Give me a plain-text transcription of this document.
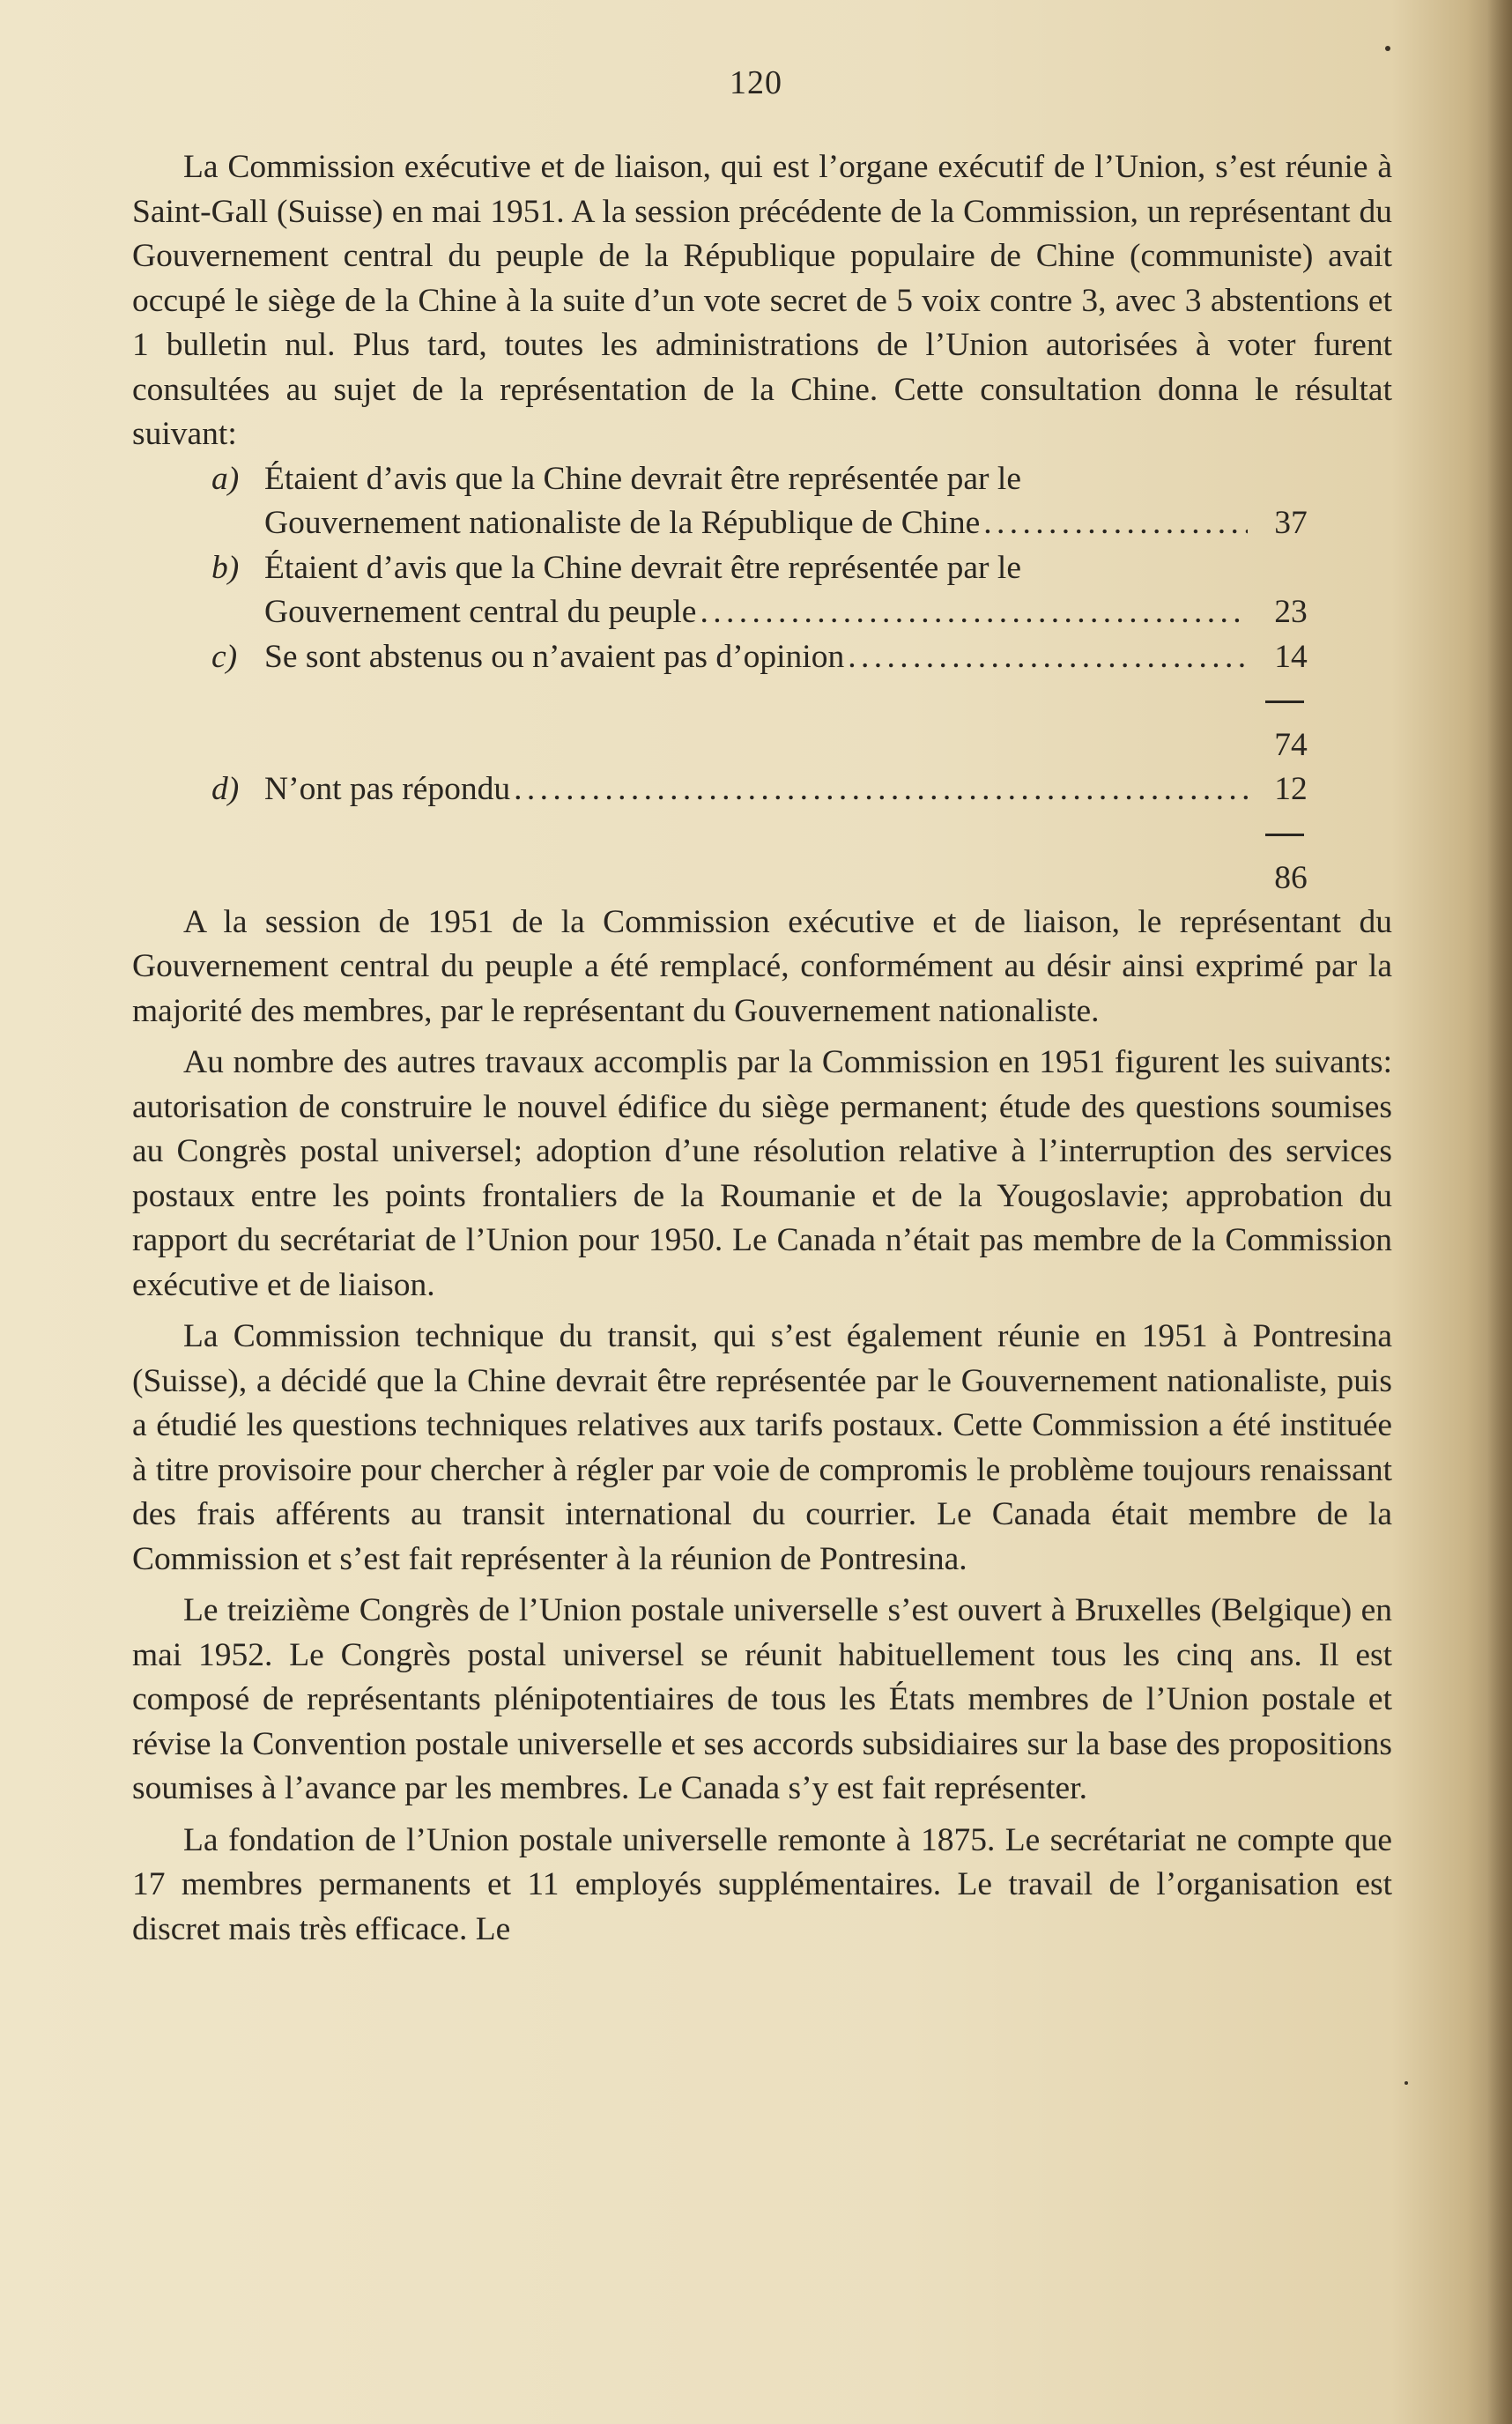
120

La Commission exécutive et de liaison, qui est l’organe exécutif de l’Union, s’est réunie à Saint-Gall (Suisse) en mai 1951. A la session précédente de la Commission, un représentant du Gouvernement central du peuple de la République populaire de Chine (communiste) avait occupé le siège de la Chine à la suite d’un vote secret de 5 voix contre 3, avec 3 abstentions et 1 bulletin nul. Plus tard, toutes les administrations de l’Union autorisées à voter furent consultées au sujet de la représentation de la Chine. Cette consultation donna le résultat suivant:

a) Étaient d’avis que la Chine devrait être représentée par le
Gouvernement nationaliste de la République de Chine . . .	37
b) Étaient d’avis que la Chine devrait être représentée par le
Gouvernement central du peuple . . .	23
c) Se sont abstenus ou n’avaient pas d’opinion . . .	14
74
d) N’ont pas répondu . . .	12
86

A la session de 1951 de la Commission exécutive et de liaison, le représentant du Gouvernement central du peuple a été remplacé, conformément au désir ainsi exprimé par la majorité des membres, par le représentant du Gouvernement nationaliste.

Au nombre des autres travaux accomplis par la Commission en 1951 figurent les suivants: autorisation de construire le nouvel édifice du siège permanent; étude des questions soumises au Congrès postal universel; adoption d’une résolution relative à l’interruption des services postaux entre les points frontaliers de la Roumanie et de la Yougoslavie; approbation du rapport du secrétariat de l’Union pour 1950. Le Canada n’était pas membre de la Commission exécutive et de liaison.

La Commission technique du transit, qui s’est également réunie en 1951 à Pontresina (Suisse), a décidé que la Chine devrait être représentée par le Gouvernement nationaliste, puis a étudié les questions techniques relatives aux tarifs postaux. Cette Commission a été instituée à titre provisoire pour chercher à régler par voie de compromis le problème toujours renaissant des frais afférents au transit international du courrier. Le Canada était membre de la Commission et s’est fait représenter à la réunion de Pontresina.

Le treizième Congrès de l’Union postale universelle s’est ouvert à Bruxelles (Belgique) en mai 1952. Le Congrès postal universel se réunit habituellement tous les cinq ans. Il est composé de représentants plénipotentiaires de tous les États membres de l’Union postale et révise la Convention postale universelle et ses accords subsidiaires sur la base des propositions soumises à l’avance par les membres. Le Canada s’y est fait représenter.

La fondation de l’Union postale universelle remonte à 1875. Le secrétariat ne compte que 17 membres permanents et 11 employés supplémentaires. Le travail de l’organisation est discret mais très efficace. Le
